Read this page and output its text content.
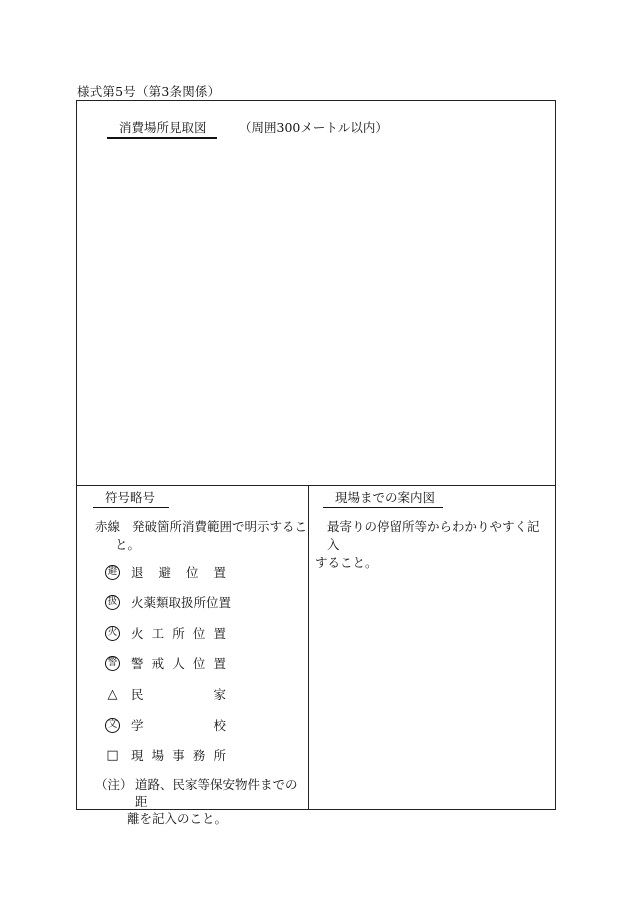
様式第5号（第3条関係）
消費場所見取図	（周囲300メートル以内）
符号略号
赤線 発破箇所消費範囲で明示するこ
と。
避 退 避 位 置
扱 火薬類取扱所位置
火 火 工 所 位 置
警 警 戒 人 位 置
△ 民	家
文 学	校
□ 現 場 事 務 所
（注） 道路、民家等保安物件までの距
離を記入のこと。
現場までの案内図
最寄りの停留所等からわかりやすく記入
すること。
